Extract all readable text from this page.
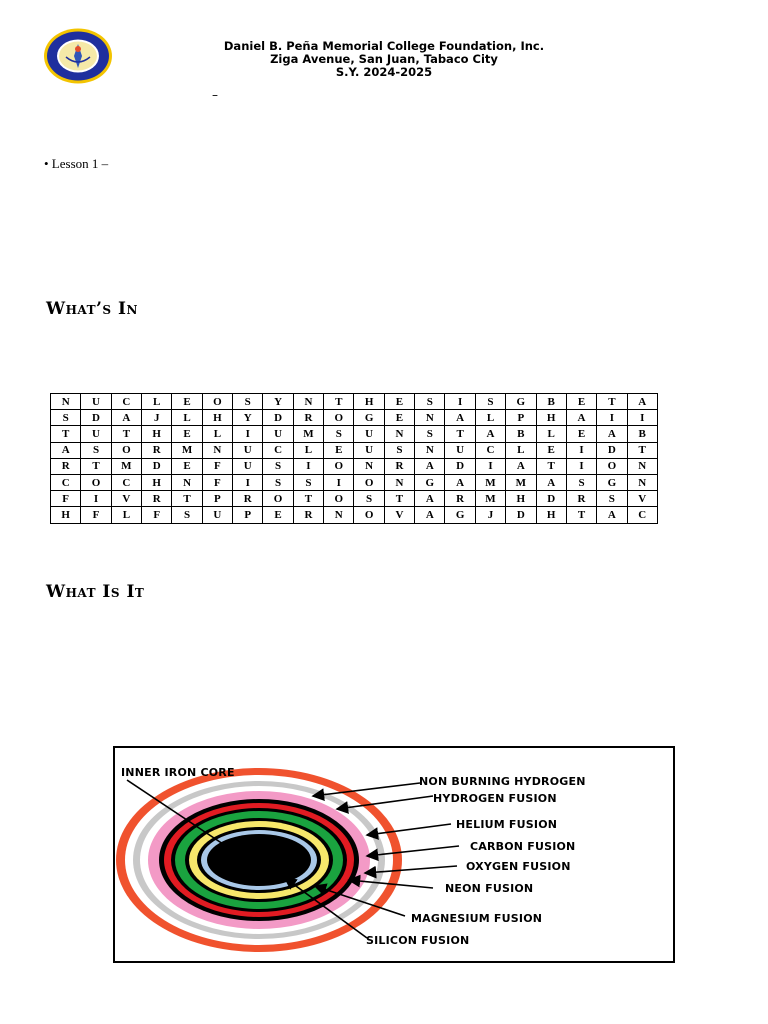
Daniel B. Peña Memorial College Foundation, Inc.
Ziga Avenue, San Juan, Tabaco City
S.Y. 2024-2025
–
• Lesson 1 –
What’s In
N	U	C	L	E	O	S	Y	N	T	H	E	S	I	S	G	B	E	T	A
S	D	A	J	L	H	Y	D	R	O	G	E	N	A	L	P	H	A	I	I
T	U	T	H	E	L	I	U	M	S	U	N	S	T	A	B	L	E	A	B
A	S	O	R	M	N	U	C	L	E	U	S	N	U	C	L	E	I	D	T
R	T	M	D	E	F	U	S	I	O	N	R	A	D	I	A	T	I	O	N
C	O	C	H	N	F	I	S	S	I	O	N	G	A	M	M	A	S	G	N
F	I	V	R	T	P	R	O	T	O	S	T	A	R	M	H	D	R	S	V
H	F	L	F	S	U	P	E	R	N	O	V	A	G	J	D	H	T	A	C
What Is It
INNER IRON CORE
NON BURNING HYDROGEN
HYDROGEN FUSION
HELIUM FUSION
CARBON FUSION
OXYGEN FUSION
NEON FUSION
MAGNESIUM FUSION
SILICON FUSION
